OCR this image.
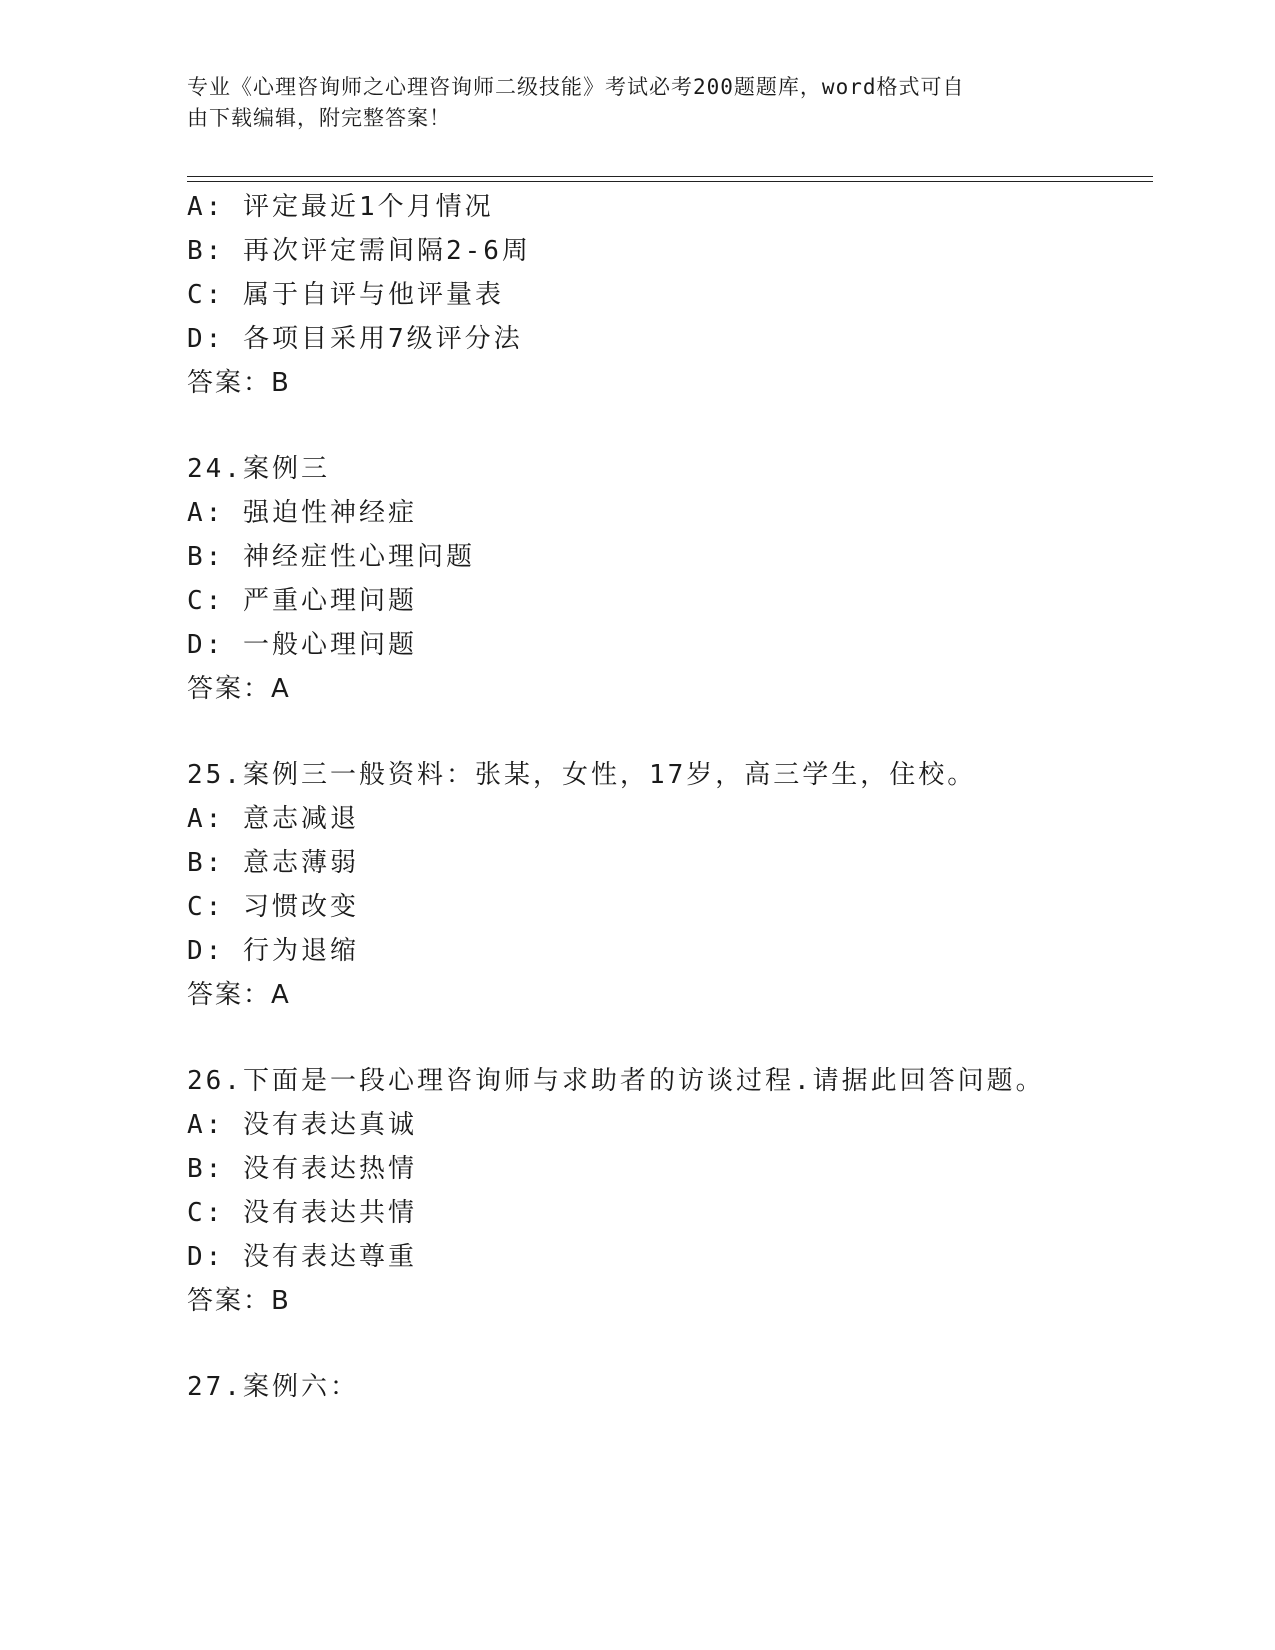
专业《心理咨询师之心理咨询师二级技能》考试必考200题题库，word格式可自
由下载编辑，附完整答案！
A: 评定最近1个月情况
B: 再次评定需间隔2-6周
C: 属于自评与他评量表
D: 各项目采用7级评分法
答案：B
24.案例三
A: 强迫性神经症
B: 神经症性心理问题
C: 严重心理问题
D: 一般心理问题
答案：A
25.案例三一般资料：张某，女性，17岁，高三学生，住校。
A: 意志减退
B: 意志薄弱
C: 习惯改变
D: 行为退缩
答案：A
26.下面是一段心理咨询师与求助者的访谈过程.请据此回答问题。
A: 没有表达真诚
B: 没有表达热情
C: 没有表达共情
D: 没有表达尊重
答案：B
27.案例六：
